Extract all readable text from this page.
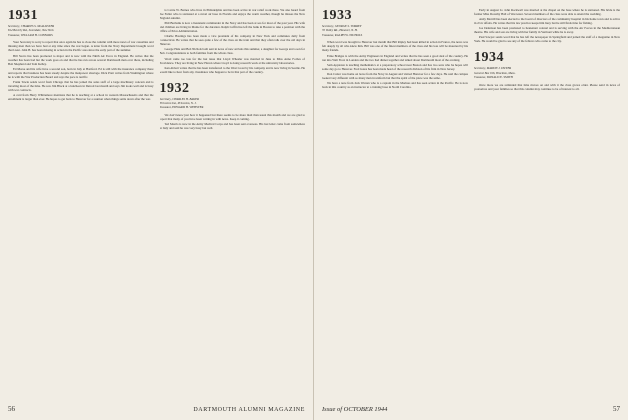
1931
Secretary, CHARLES S. McALLISTER
814 Beverly Rd., Scarsdale, New York
Treasurer, WILLIAM H. CONNORS

Your Secretary is sorry to report that once again he has to close the column with more news of war casualties and missing men than we have had at any time since the war began. A letter from the Navy Department brought word that Lieut. John H. has been missing in action in the Pacific area since the early part of the summer.

Bill Storrs has been promoted to major and is now with the Ninth Air Force in England. He writes that the weather has been bad but the work goes on and that he has run across several Dartmouth men over there, including Bob Shepherd and Tom Kelley.

Ed Morse and his wife have a second son, born in July at Hartford. Ed is still with the insurance company there and reports that business has been steady despite the manpower shortage. Dick Pratt writes from Washington where he is with the War Production Board and says the pace is terrific.

Frank Towle sends word from Chicago that he has joined the sales staff of a large machinery concern and is traveling most of the time. He saw Jim Black at a luncheon in Detroit last month and says Jim looks well and is busy with war contracts.

A card from Harry Whittemore mentions that he is teaching at a school in western Massachusetts and that the enrollment is larger than ever. He hopes to get back to Hanover for a reunion when things settle down after the war.

is Carrie W. Barnes who lives in Philadelphia and has been active in war relief work there. We also heard from Joe Fuller who is stationed at a naval air base in Florida and enjoys the warm weather, though he misses the New England autumn.

Phil Burbank is now a lieutenant commander in the Navy and has been at sea for most of the past year. His wife and children are living in Maine for the duration. Ralph Coffin has left the bank in Boston to take a position with the Office of Price Administration.

Charlie Hastings has been made a vice president of his company in New York and commutes daily from Connecticut. He writes that he sees quite a few of the class on the train and that they often talk over the old days in Hanover.

George Hale and Bob Nichols both sent in news of new arrivals this summer, a daughter for George and a son for Bob. Congratulations to both families from the whole class.

Word came too late for the last issue that Lloyd Wheeler was married in June to Miss Anne Forbes of Providence. They are living in New Haven where Lloyd is doing research work at the university laboratories.

Ken Abbott writes that he has been transferred to the West Coast by his company and is now living in Seattle. He would like to hear from any classmates who happen to be in that part of the country.

1932
Secretary, CHARLES H. BAKER
Princeton Inn, Princeton, N. J.
Treasurer, EDWARD H. WEBSTER

We don't know just how it happened but there seems to be more mail than usual this month and we are glad to report that many of you have been writing in with news. Keep it coming.

Ted Morris is now in the Army Medical Corps and has been sent overseas. His last letter came from somewhere in Italy and said he was very busy but well.

56	DARTMOUTH ALUMNI MAGAZINE
1933
Secretary, GEORGE S. TORREY
35 Valley Rd., Hanover, N. H.
Treasurer, RALPH W. NICHOLS

When word was brought to Hanover last month that Bill Ripley had been killed in action in France, the news was felt deeply by all who knew him. Bill was one of the finest members of the class and his loss will be mourned by his many friends.

Ernie Bridges is with the Army Engineers in England and writes that he has seen a good deal of the country. He ran into Walt Frost in London and the two had dinner together and talked about Dartmouth most of the evening.

Sam Appleton is teaching mathematics at a preparatory school near Boston and has two sons who he hopes will some day go to Hanover. Fred Gates has been made head of the research division of his firm in New Jersey.

Don Cutter was home on leave from the Navy in August and visited Hanover for a few days. He said the campus looked very different with so many men in uniform but that the spirit of the place was the same.

We have a note from Jack Warren who is a captain in the Marines and has seen action in the Pacific. He is now back in this country as an instructor at a training base in North Carolina.

Early in August Lt. John Rockwell was married at the chapel on the base where he is stationed. His bride is the former Miss Dorothy Hall of Worcester. Several members of the class were able to attend the wedding.

Andy Merrill has been elected to the board of directors of the community hospital in his home town and is active in civic affairs. He writes that his law practice keeps him busy but he still finds time for fishing.

Joe Dennison has been promoted to lieutenant colonel and is serving with the Air Forces in the Mediterranean theatre. His wife and son are living with her family in Vermont while he is away.

Paul Sawyer sends word that he has left the newspaper in Springfield and joined the staff of a magazine in New York. He would be glad to see any of the fellows who come to the city.

1934
Secretary, MARTIN J. DWYER
General Box 916, Brockton, Mass.
Treasurer, DONALD E. SMITH

Once more we are reminded that time moves on and with it the class grows older. Please send in news of yourselves and your families so that this column may continue to be of interest to all.

Issue of OCTOBER 1944	57
